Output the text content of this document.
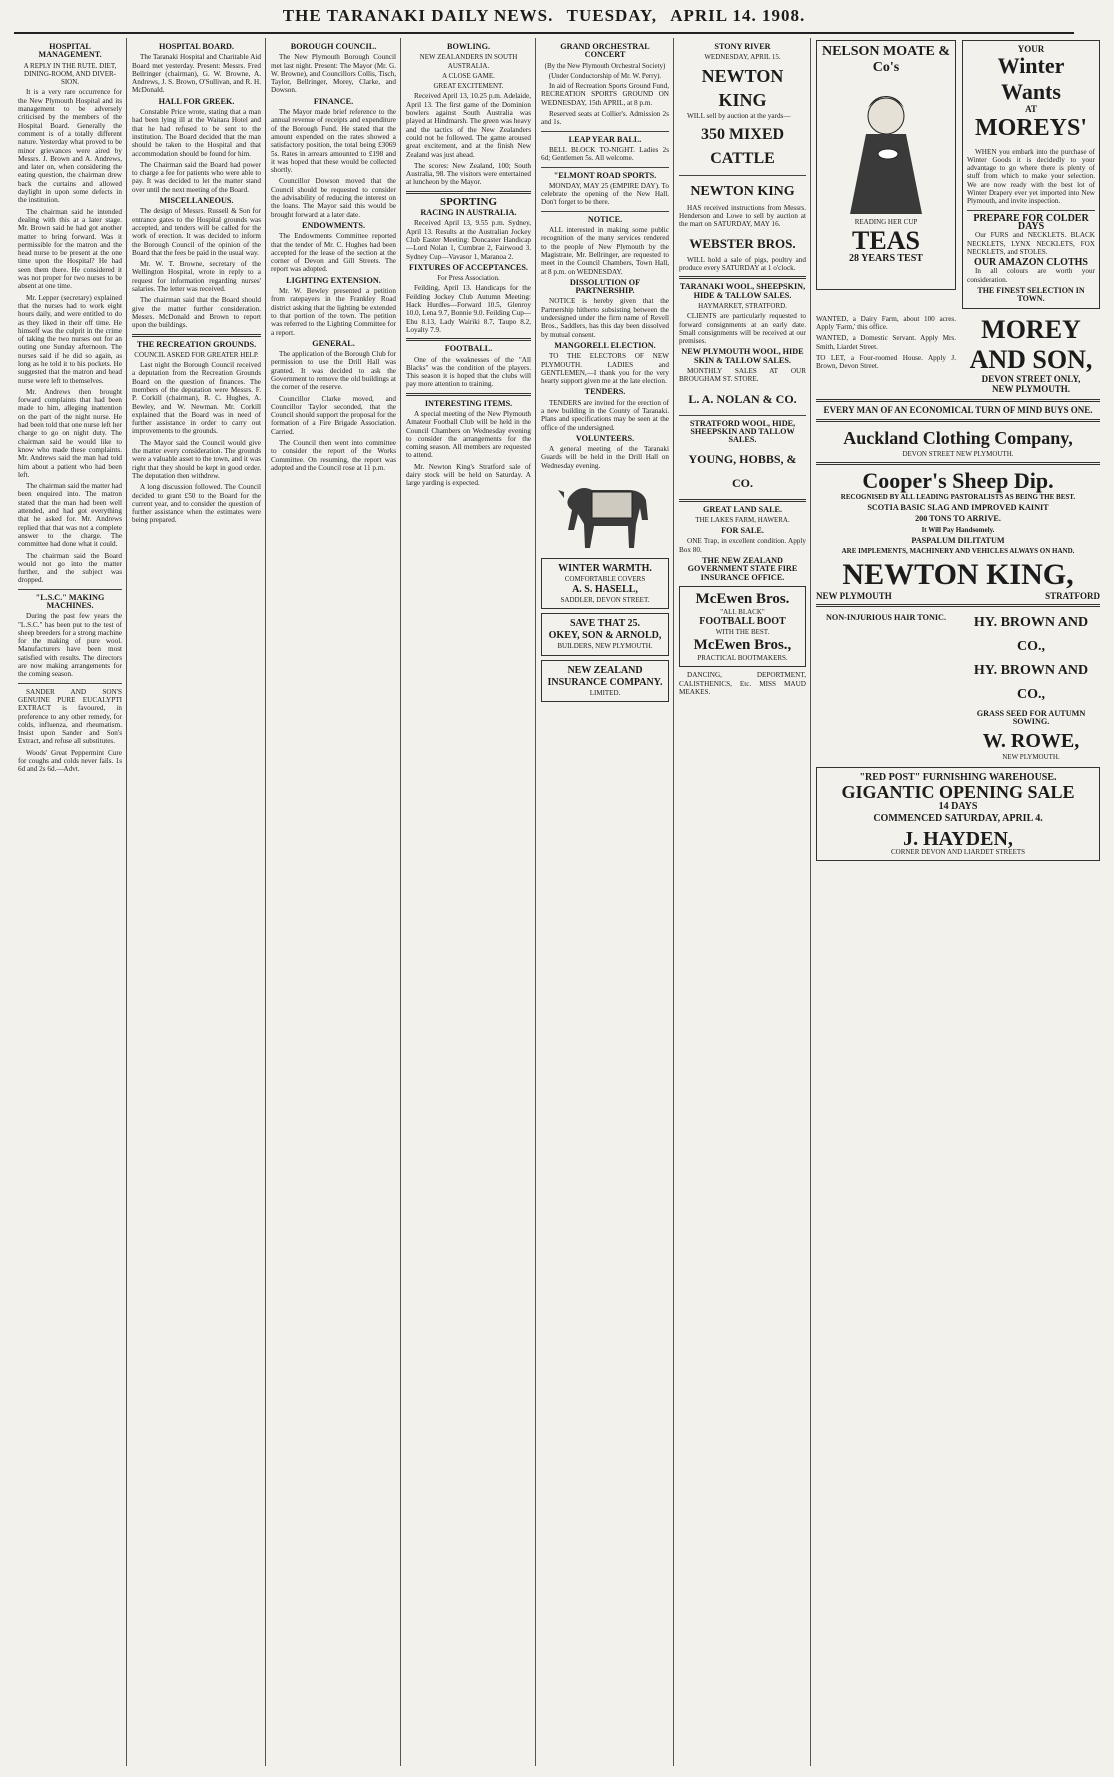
THE TARANAKI DAILY NEWS. TUESDAY, APRIL 14. 1908.
HOSPITAL MANAGEMENT.
A REPLY IN THE RUTE. DIET, DINING-ROOM, AND DIVER-SION.

It is a very rare occurrence for the New Plymouth Hospital and its management to be adversely criticised by the members of the Hospital Board. Generally the comment is of a totally different nature. Yesterday what proved to be minor grievances were aired by Messrs. J. Brown and A. Andrews, and later on, when considering the eating question, the chairman drew back the curtains and allowed daylight in upon some defects in the institution.

The chairman said he intended dealing with this at a later stage. Mr. Brown said he had got another matter to bring forward. Was it permissible for the matron and the head nurse to be present at the one time upon the Hospital? He had seen them there. He considered it was not proper for two nurses to be absent at one time.

Mr. Lepper (secretary) explained that the nurses had to work eight hours daily, and were entitled to do as they liked in their off time. He himself was the culprit in the crime of taking the two nurses out for an outing one Sunday afternoon. The nurses said if he did so again, as long as he told it to his pockets. He suggested that the matron and head nurse were left to themselves.

Mr. Andrews then brought forward complaints that had been made to him, alleging inattention on the part of the night nurse. He had been told that one nurse left her charge to go on night duty. The chairman said he would like to know who made these complaints. Mr. Andrews said the man had told him about a patient who had been left.

The chairman said the matter had been enquired into. The matron stated that the man had been well attended, and had got everything that he asked for. Mr. Andrews replied that that was not a complete answer to the charge. The committee had done what it could.

The chairman said the Board would not go into the matter further, and the subject was dropped.

"L.S.C." MAKING MACHINES.

During the past few years the "L.S.C." has been put to the test of sheep breeders for a strong machine for the making of pure wool. Manufacturers have been most satisfied with results. The directors are now making arrangements for the coming season.

SANDER AND SON'S GENUINE PURE EUCALYPTI EXTRACT is favoured, in preference to any other remedy, for colds, influenza, and rheumatism. Insist upon Sander and Son's Extract, and refuse all substitutes.

Woods' Great Peppermint Cure for coughs and colds never fails. 1s 6d and 2s 6d.—Advt.

HOSPITAL BOARD.

The Taranaki Hospital and Charitable Aid Board met yesterday. Present: Messrs. Fred Bellringer (chairman), G. W. Browne, A. Andrews, J. S. Brown, O'Sullivan, and R. H. McDonald.

HALL FOR GREEK.

Constable Price wrote, stating that a man had been lying ill at the Waitara Hotel and that he had refused to be sent to the institution. The Board decided that the man should be taken to the Hospital and that accommodation should be found for him.

The Chairman said the Board had power to charge a fee for patients who were able to pay. It was decided to let the matter stand over until the next meeting of the Board.

MISCELLANEOUS.

The design of Messrs. Russell & Son for entrance gates to the Hospital grounds was accepted, and tenders will be called for the work of erection. It was decided to inform the Borough Council of the opinion of the Board that the fees be paid in the usual way.

Mr. W. T. Browne, secretary of the Wellington Hospital, wrote in reply to a request for information regarding nurses' salaries. The letter was received.

The chairman said that the Board should give the matter further consideration. Messrs. McDonald and Brown to report upon the buildings.

THE RECREATION GROUNDS.
COUNCIL ASKED FOR GREATER HELP.

Last night the Borough Council received a deputation from the Recreation Grounds Board on the question of finances. The members of the deputation were Messrs. F. P. Corkill (chairman), R. C. Hughes, A. Bewley, and W. Newman. Mr. Corkill explained that the Board was in need of further assistance in order to carry out improvements to the grounds.

The Mayor said the Council would give the matter every consideration. The grounds were a valuable asset to the town, and it was right that they should be kept in good order. The deputation then withdrew.

A long discussion followed. The Council decided to grant £50 to the Board for the current year, and to consider the question of further assistance when the estimates were being prepared.

BOROUGH COUNCIL.

The New Plymouth Borough Council met last night. Present: The Mayor (Mr. G. W. Browne), and Councillors Collis, Tisch, Taylor, Bellringer, Morey, Clarke, and Dowson.

FINANCE.

The Mayor made brief reference to the annual revenue of receipts and expenditure of the Borough Fund. He stated that the amount expended on the rates showed a satisfactory position, the total being £3069 5s. Rates in arrears amounted to £198 and it was hoped that these would be collected shortly.

Councillor Dowson moved that the Council should be requested to consider the advisability of reducing the interest on the loans. The Mayor said this would be brought forward at a later date.

ENDOWMENTS.

The Endowments Committee reported that the tender of Mr. C. Hughes had been accepted for the lease of the section at the corner of Devon and Gill Streets. The report was adopted.

LIGHTING EXTENSION.

Mr. W. Bewley presented a petition from ratepayers in the Frankley Road district asking that the lighting be extended to that portion of the town. The petition was referred to the Lighting Committee for a report.

GENERAL.

The application of the Borough Club for permission to use the Drill Hall was granted. It was decided to ask the Government to remove the old buildings at the corner of the reserve.

Councillor Clarke moved, and Councillor Taylor seconded, that the Council should support the proposal for the formation of a Fire Brigade Association. Carried.

The Council then went into committee to consider the report of the Works Committee. On resuming, the report was adopted and the Council rose at 11 p.m.

BOWLING.
NEW ZEALANDERS IN SOUTH AUSTRALIA.
A CLOSE GAME.
GREAT EXCITEMENT.

Received April 13, 10.25 p.m. Adelaide, April 13. The first game of the Dominion bowlers against South Australia was played at Hindmarsh. The green was heavy and the tactics of the New Zealanders could not be followed. The game aroused great excitement, and at the finish New Zealand was just ahead.

The scores: New Zealand, 100; South Australia, 98. The visitors were entertained at luncheon by the Mayor.

SPORTING
RACING IN AUSTRALIA.

Received April 13, 9.55 p.m. Sydney, April 13. Results at the Australian Jockey Club Easter Meeting: Doncaster Handicap—Lord Nolan 1, Cumbrae 2, Fairwood 3. Sydney Cup—Vavasor 1, Maranoa 2.

FIXTURES OF ACCEPTANCES.
For Press Association.

Feilding, April 13. Handicaps for the Feilding Jockey Club Autumn Meeting: Hack Hurdles—Forward 10.5, Glenroy 10.0, Lena 9.7, Bonnie 9.0. Feilding Cup—Ehu 8.13, Lady Wairiki 8.7, Taupo 8.2, Loyalty 7.9.

FOOTBALL.

One of the weaknesses of the "All Blacks" was the condition of the players. This season it is hoped that the clubs will pay more attention to training.

INTERESTING ITEMS.

A special meeting of the New Plymouth Amateur Football Club will be held in the Council Chambers on Wednesday evening to consider the arrangements for the coming season. All members are requested to attend.

Mr. Newton King's Stratford sale of dairy stock will be held on Saturday. A large yarding is expected.

GRAND ORCHESTRAL CONCERT
(By the New Plymouth Orchestral Society)
(Under Conductorship of Mr. W. Perry).

In aid of Recreation Sports Ground Fund, RECREATION SPORTS GROUND ON WEDNESDAY, 15th APRIL, at 8 p.m.

Reserved seats at Collier's. Admission 2s and 1s.

LEAP YEAR BALL.

BELL BLOCK TO-NIGHT. Ladies 2s 6d; Gentlemen 5s. All welcome.

"ELMONT ROAD SPORTS.

MONDAY, MAY 25 (EMPIRE DAY). To celebrate the opening of the New Hall. Don't forget to be there.

NOTICE.

ALL interested in making some public recognition of the many services rendered to the people of New Plymouth by the Magistrate, Mr. Bellringer, are requested to meet in the Council Chambers, Town Hall, at 8 p.m. on WEDNESDAY.

DISSOLUTION OF PARTNERSHIP.

NOTICE is hereby given that the Partnership hitherto subsisting between the undersigned under the firm name of Revell Bros., Saddlers, has this day been dissolved by mutual consent.

MANGORELL ELECTION.

TO THE ELECTORS OF NEW PLYMOUTH. LADIES and GENTLEMEN,—I thank you for the very hearty support given me at the late election.

TENDERS.

TENDERS are invited for the erection of a new building in the County of Taranaki. Plans and specifications may be seen at the office of the undersigned.

VOLUNTEERS.

A general meeting of the Taranaki Guards will be held in the Drill Hall on Wednesday evening.

WINTER WARMTH.
COMFORTABLE COVERS
A. S. HASELL,
SADDLER, DEVON STREET.
SAVE THAT 25.
OKEY, SON & ARNOLD,
BUILDERS, NEW PLYMOUTH.
NEW ZEALAND INSURANCE COMPANY.
LIMITED.
STONY RIVER
WEDNESDAY, APRIL 15.
NEWTON KING

WILL sell by auction at the yards—

350 MIXED CATTLE
NEWTON KING

HAS received instructions from Messrs. Henderson and Lowe to sell by auction at the mart on SATURDAY, MAY 16.

WEBSTER BROS.

WILL hold a sale of pigs, poultry and produce every SATURDAY at 1 o'clock.

TARANAKI WOOL, SHEEPSKIN, HIDE & TALLOW SALES.
HAYMARKET, STRATFORD.

CLIENTS are particularly requested to forward consignments at an early date. Small consignments will be received at our premises.

NEW PLYMOUTH WOOL, HIDE SKIN & TALLOW SALES.

MONTHLY SALES AT OUR BROUGHAM ST. STORE.

L. A. NOLAN & CO.
STRATFORD WOOL, HIDE, SHEEPSKIN AND TALLOW SALES.
YOUNG, HOBBS, & CO.
GREAT LAND SALE.
THE LAKES FARM, HAWERA.
FOR SALE.

ONE Trap, in excellent condition. Apply Box 80.

THE NEW ZEALAND GOVERNMENT STATE FIRE INSURANCE OFFICE.
McEwen Bros.
"ALL BLACK"
FOOTBALL BOOT
WITH THE BEST.
McEwen Bros.,
PRACTICAL BOOTMAKERS.

DANCING, DEPORTMENT, CALISTHENICS, Etc. MISS MAUD MEAKES.

NELSON MOATE & Co's
READING HER CUP
TEAS
28 YEARS TEST
YOUR
Winter Wants
AT
MOREYS'

WHEN you embark into the purchase of Winter Goods it is decidedly to your advantage to go where there is plenty of stuff from which to make your selection. We are now ready with the best lot of Winter Drapery ever yet imported into New Plymouth, and invite inspection.

PREPARE FOR COLDER DAYS

Our FURS and NECKLETS. BLACK NECKLETS, LYNX NECKLETS, FOX NECKLETS, and STOLES.

OUR AMAZON CLOTHS

In all colours are worth your consideration.

THE FINEST SELECTION IN TOWN.

WANTED, a Dairy Farm, about 100 acres. Apply 'Farm,' this office.

WANTED, a Domestic Servant. Apply Mrs. Smith, Liardet Street.

TO LET, a Four-roomed House. Apply J. Brown, Devon Street.

MOREY AND SON,
DEVON STREET ONLY,
NEW PLYMOUTH.
EVERY MAN OF AN ECONOMICAL TURN OF MIND BUYS ONE.
Auckland Clothing Company,
DEVON STREET NEW PLYMOUTH.
Cooper's Sheep Dip.
RECOGNISED BY ALL LEADING PASTORALISTS AS BEING THE BEST.
SCOTIA BASIC SLAG AND IMPROVED KAINIT
200 TONS TO ARRIVE.
It Will Pay Handsomely.
PASPALUM DILITATUM
ARE IMPLEMENTS, MACHINERY AND VEHICLES ALWAYS ON HAND.
NEWTON KING,
NEW PLYMOUTH	STRATFORD
NON-INJURIOUS HAIR TONIC.	HY. BROWN AND CO.,
HY. BROWN AND CO.,
GRASS SEED FOR AUTUMN SOWING.
W. ROWE,
NEW PLYMOUTH.
"RED POST" FURNISHING WAREHOUSE.
GIGANTIC OPENING SALE
14 DAYS
COMMENCED SATURDAY, APRIL 4.
J. HAYDEN,
CORNER DEVON AND LIARDET STREETS
